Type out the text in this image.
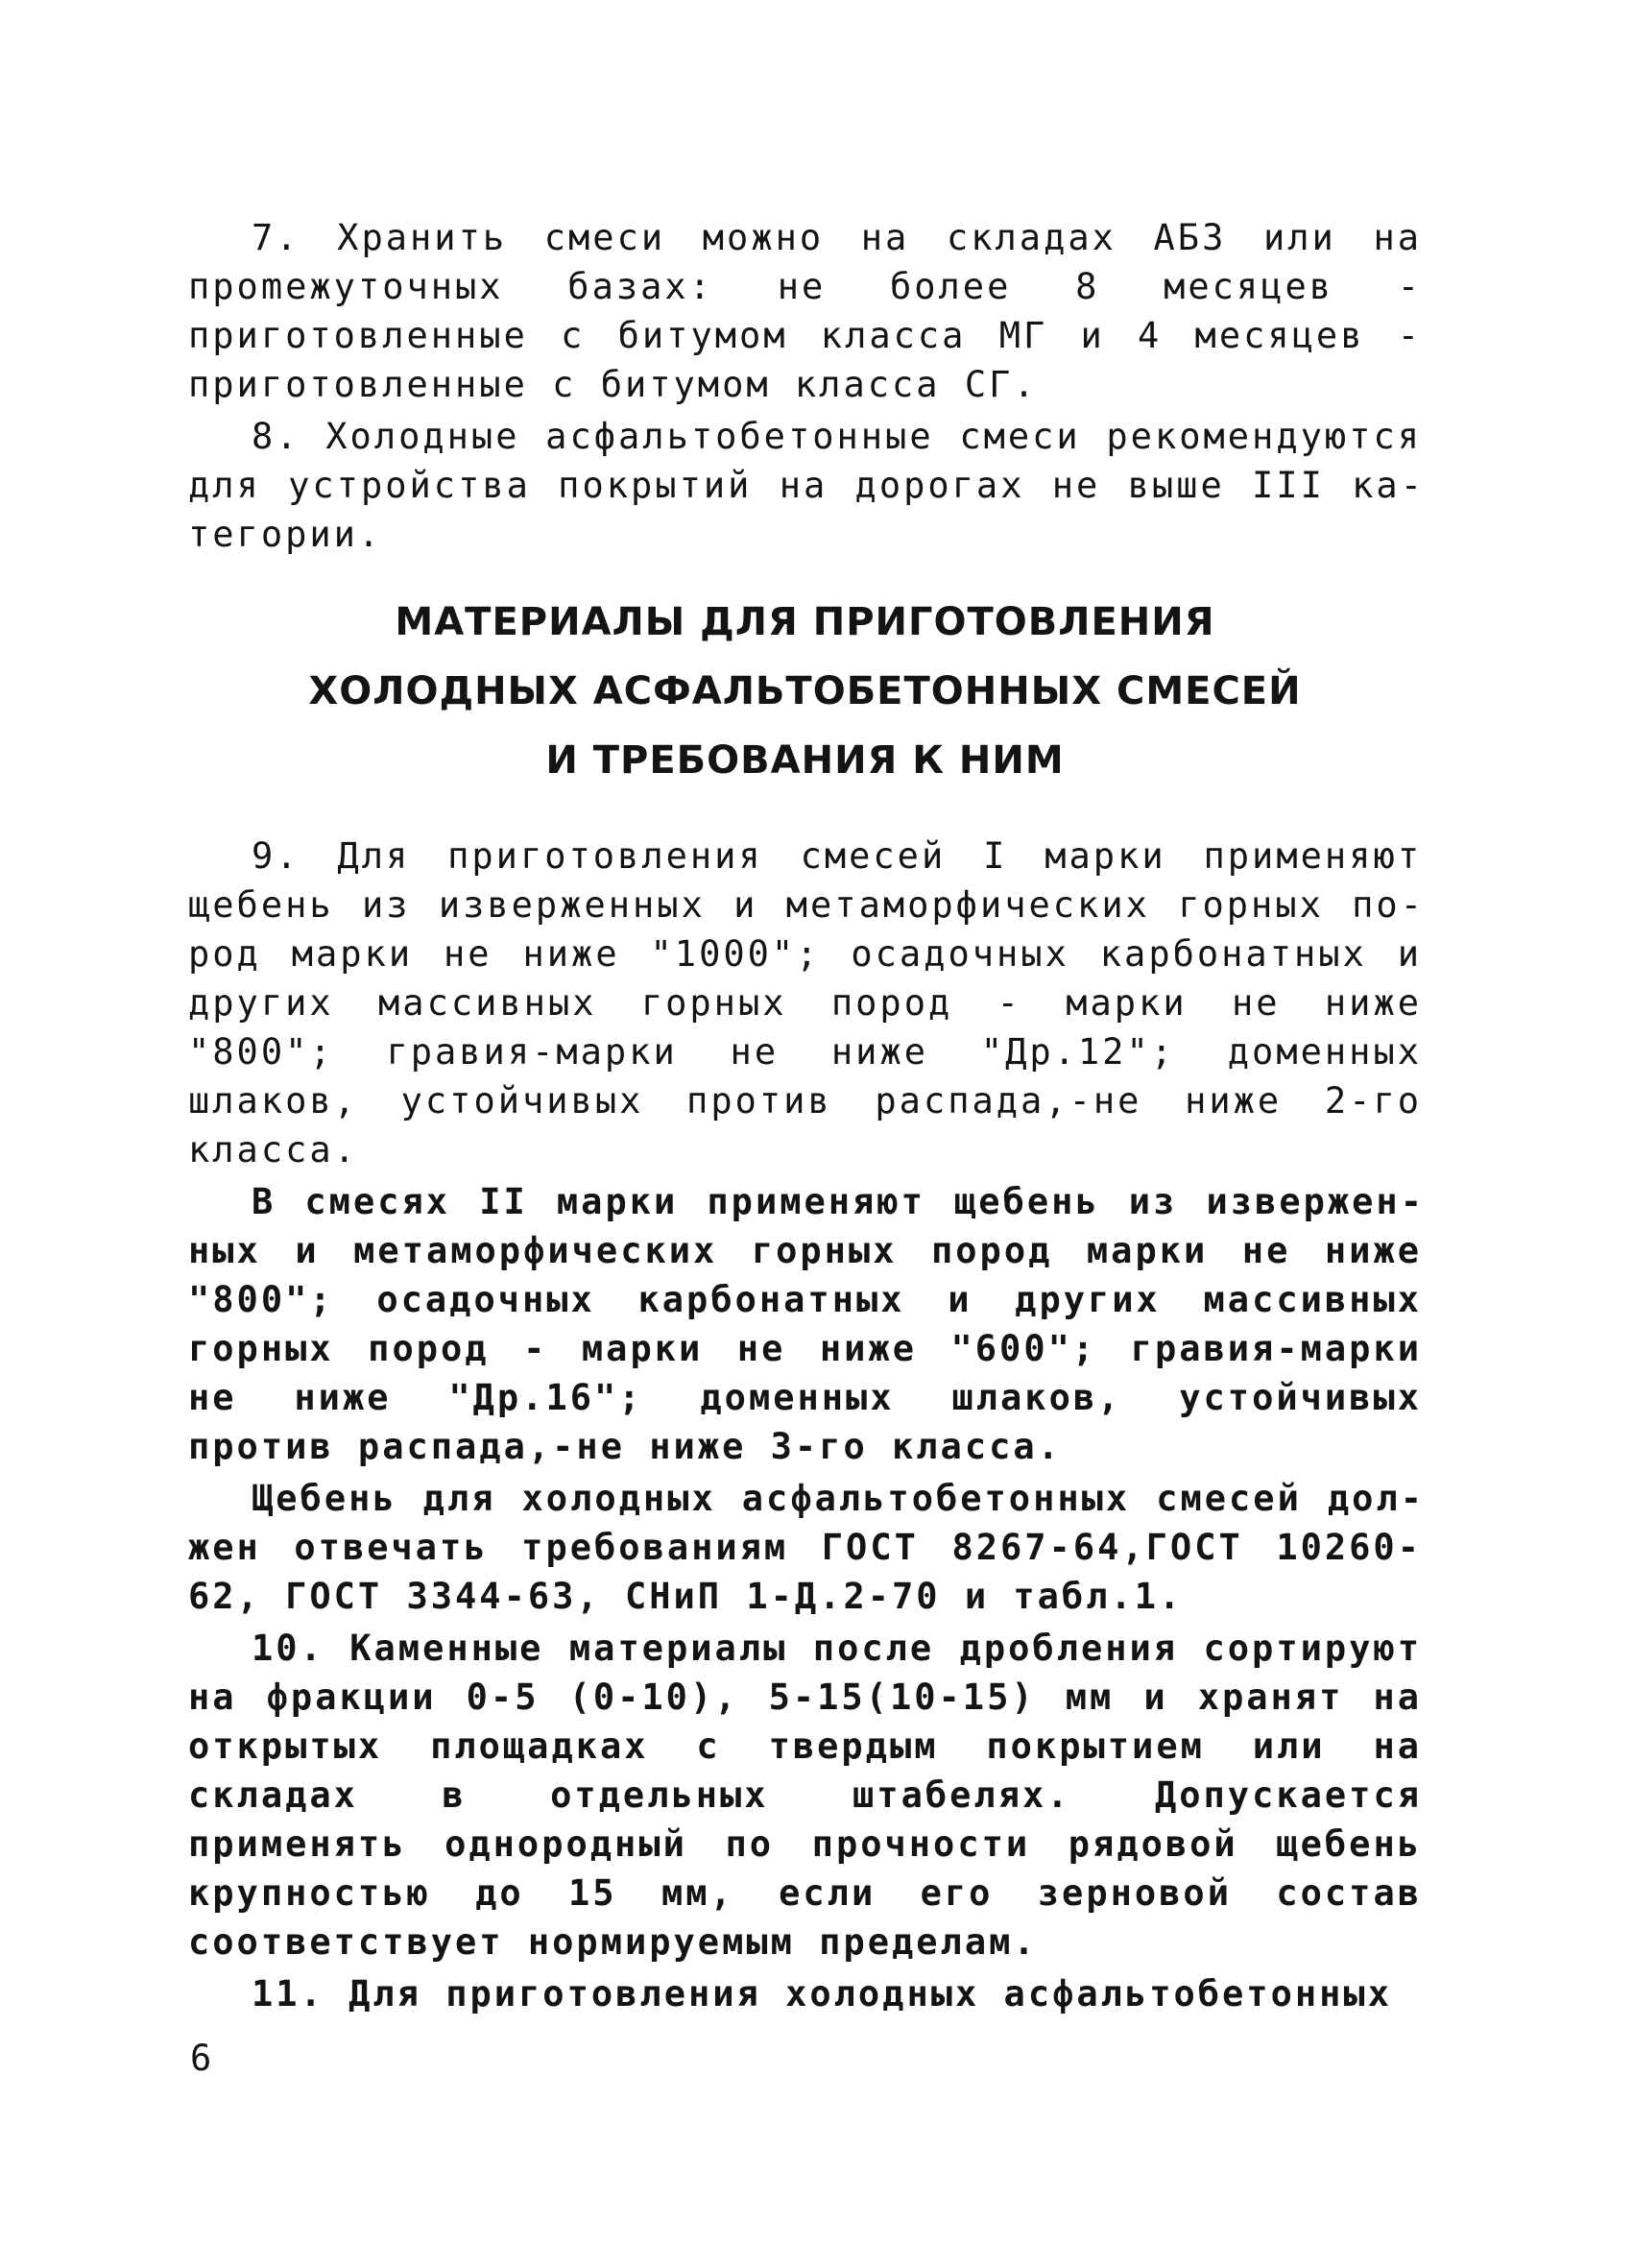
7. Хранить смеси можно на складах АБЗ или на проmежуточных базах: не более 8 месяцев - приготовленные с битумом класса МГ и 4 месяцев - приготовленные с битумом класса СГ.

8. Холодные асфальтобетонные смеси рекомендуются для устройства покрытий на дорогах не выше III категории.

МАТЕРИАЛЫ ДЛЯ ПРИГОТОВЛЕНИЯ
ХОЛОДНЫХ АСФАЛЬТОБЕТОННЫХ СМЕСЕЙ
И ТРЕБОВАНИЯ К НИМ

9. Для приготовления смесей I марки применяют щебень из изверженных и метаморфических горных пород марки не ниже "1000"; осадочных карбонатных и других массивных горных пород - марки не ниже "800"; гравия-марки не ниже "Др.12"; доменных шлаков, устойчивых против распада,-не ниже 2-го класса.

В смесях II марки применяют щебень из изверженных и метаморфических горных пород марки не ниже "800"; осадочных карбонатных и других массивных горных пород - марки не ниже "600"; гравия-марки не ниже "Др.16"; доменных шлаков, устойчивых против распада,-не ниже 3-го класса.

Щебень для холодных асфальтобетонных смесей должен отвечать требованиям ГОСТ 8267-64,ГОСТ 10260-62, ГОСТ 3344-63, СНиП 1-Д.2-70 и табл.1.

10. Каменные материалы после дробления сортируют на фракции 0-5 (0-10), 5-15(10-15) мм и хранят на открытых площадках с твердым покрытием или на складах в отдельных штабелях. Допускается применять однородный по прочности рядовой щебень крупностью до 15 мм, если его зерновой состав соответствует нормируемым пределам.

11. Для приготовления холодных асфальтобетонных

6
